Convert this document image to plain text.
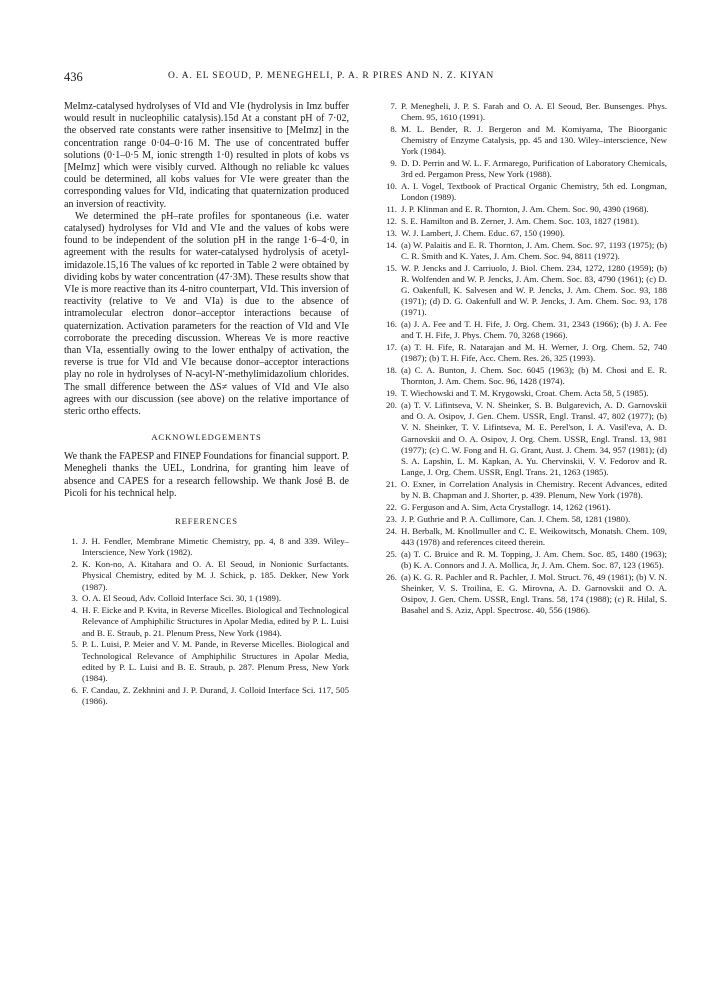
436	O. A. EL SEOUD, P. MENEGHELI, P. A. R PIRES AND N. Z. KIYAN

MeImz-catalysed hydrolyses of VId and VIe (hydrolysis in Imz buffer would result in nucleophilic catalysis).15d At a constant pH of 7·02, the observed rate constants were rather insensitive to [MeImz] in the concentration range 0·04–0·16 M. The use of concentrated buffer solutions (0·1–0·5 M, ionic strength 1·0) resulted in plots of kobs vs [MeImz] which were visibly curved. Although no reliable kc values could be determined, all kobs values for VIe were greater than the corresponding values for VId, indicating that quaternization produced an inversion of reactivity.

We determined the pH–rate profiles for spontaneous (i.e. water catalysed) hydrolyses for VId and VIe and the values of kobs were found to be independent of the solution pH in the range 1·6–4·0, in agreement with the results for water-catalysed hydrolysis of acetyl-imidazole.15,16 The values of kc reported in Table 2 were obtained by dividing kobs by water concentration (47·3M). These results show that VIe is more reactive than its 4-nitro counterpart, VId. This inversion of reactivity (relative to Ve and VIa) is due to the absence of intramolecular electron donor–acceptor interactions because of quaternization. Activation parameters for the reaction of VId and VIe corroborate the preceding discussion. Whereas Ve is more reactive than VIa, essentially owing to the lower enthalpy of activation, the reverse is true for VId and VIe because donor–acceptor interactions play no role in hydrolyses of N-acyl-N′-methylimidazolium chlorides. The small difference between the ΔS≠ values of VId and VIe also agrees with our discussion (see above) on the relative importance of steric ortho effects.

ACKNOWLEDGEMENTS

We thank the FAPESP and FINEP Foundations for financial support. P. Menegheli thanks the UEL, Londrina, for granting him leave of absence and CAPES for a research fellowship. We thank José B. de Picoli for his technical help.

REFERENCES
1. J. H. Fendler, Membrane Mimetic Chemistry, pp. 4, 8 and 339. Wiley–Interscience, New York (1982).
2. K. Kon-no, A. Kitahara and O. A. El Seoud, in Nonionic Surfactants. Physical Chemistry, edited by M. J. Schick, p. 185. Dekker, New York (1987).
3. O. A. El Seoud, Adv. Colloid Interface Sci. 30, 1 (1989).
4. H. F. Eicke and P. Kvita, in Reverse Micelles. Biological and Technological Relevance of Amphiphilic Structures in Apolar Media, edited by P. L. Luisi and B. E. Straub, p. 21. Plenum Press, New York (1984).
5. P. L. Luisi, P. Meier and V. M. Pande, in Reverse Micelles. Biological and Technological Relevance of Amphiphilic Structures in Apolar Media, edited by P. L. Luisi and B. E. Straub, p. 287. Plenum Press, New York (1984).
6. F. Candau, Z. Zekhnini and J. P. Durand, J. Colloid Interface Sci. 117, 505 (1986).
7. P. Menegheli, J. P. S. Farah and O. A. El Seoud, Ber. Bunsenges. Phys. Chem. 95, 1610 (1991).
8. M. L. Bender, R. J. Bergeron and M. Komiyama, The Bioorganic Chemistry of Enzyme Catalysis, pp. 45 and 130. Wiley–interscience, New York (1984).
9. D. D. Perrin and W. L. F. Armarego, Purification of Laboratory Chemicals, 3rd ed. Pergamon Press, New York (1988).
10. A. I. Vogel, Textbook of Practical Organic Chemistry, 5th ed. Longman, London (1989).
11. J. P. Klinman and E. R. Thornton, J. Am. Chem. Soc. 90, 4390 (1968).
12. S. E. Hamilton and B. Zerner, J. Am. Chem. Soc. 103, 1827 (1981).
13. W. J. Lambert, J. Chem. Educ. 67, 150 (1990).
14. (a) W. Palaitis and E. R. Thornton, J. Am. Chem. Soc. 97, 1193 (1975); (b) C. R. Smith and K. Yates, J. Am. Chem. Soc. 94, 8811 (1972).
15. W. P. Jencks and J. Carriuolo, J. Biol. Chem. 234, 1272, 1280 (1959); (b) R. Wolfenden and W. P. Jencks, J. Am. Chem. Soc. 83, 4790 (1961); (c) D. G. Oakenfull, K. Salvesen and W. P. Jencks, J. Am. Chem. Soc. 93, 188 (1971); (d) D. G. Oakenfull and W. P. Jencks, J. Am. Chem. Soc. 93, 178 (1971).
16. (a) J. A. Fee and T. H. Fife, J. Org. Chem. 31, 2343 (1966); (b) J. A. Fee and T. H. Fife, J. Phys. Chem. 70, 3268 (1966).
17. (a) T. H. Fife, R. Natarajan and M. H. Werner, J. Org. Chem. 52, 740 (1987); (b) T. H. Fife, Acc. Chem. Res. 26, 325 (1993).
18. (a) C. A. Bunton, J. Chem. Soc. 6045 (1963); (b) M. Chosi and E. R. Thornton, J. Am. Chem. Soc. 96, 1428 (1974).
19. T. Wiechowski and T. M. Krygowski, Croat. Chem. Acta 58, 5 (1985).
20. (a) T. V. Lifintseva, V. N. Sheinker, S. B. Bulgarevich, A. D. Garnovskii and O. A. Osipov, J. Gen. Chem. USSR, Engl. Transl. 47, 802 (1977); (b) V. N. Sheinker, T. V. Lifintseva, M. E. Perel'son, I. A. Vasil'eva, A. D. Garnovskii and O. A. Osipov, J. Org. Chem. USSR, Engl. Transl. 13, 981 (1977); (c) C. W. Fong and H. G. Grant, Aust. J. Chem. 34, 957 (1981); (d) S. A. Lapshin, L. M. Kapkan, A. Yu. Chervinskii, V. V. Fedorov and R. Lange, J. Org. Chem. USSR, Engl. Trans. 21, 1263 (1985).
21. O. Exner, in Correlation Analysis in Chemistry. Recent Advances, edited by N. B. Chapman and J. Shorter, p. 439. Plenum, New York (1978).
22. G. Ferguson and A. Sim, Acta Crystallogr. 14, 1262 (1961).
23. J. P. Guthrie and P. A. Cullimore, Can. J. Chem. 58, 1281 (1980).
24. H. Berbalk, M. Knollmuller and C. E. Weikowitsch, Monatsh. Chem. 109, 443 (1978) and references citeed therein.
25. (a) T. C. Bruice and R. M. Topping, J. Am. Chem. Soc. 85, 1480 (1963); (b) K. A. Connors and J. A. Mollica, Jr, J. Am. Chem. Soc. 87, 123 (1965).
26. (a) K. G. R. Pachler and R. Pachler, J. Mol. Struct. 76, 49 (1981); (b) V. N. Sheinker, V. S. Troilina, E. G. Mirovna, A. D. Garnovskii and O. A. Osipov, J. Gen. Chem. USSR, Engl. Trans. 58, 174 (1988); (c) R. Hilal, S. Basahel and S. Aziz, Appl. Spectrosc. 40, 556 (1986).
